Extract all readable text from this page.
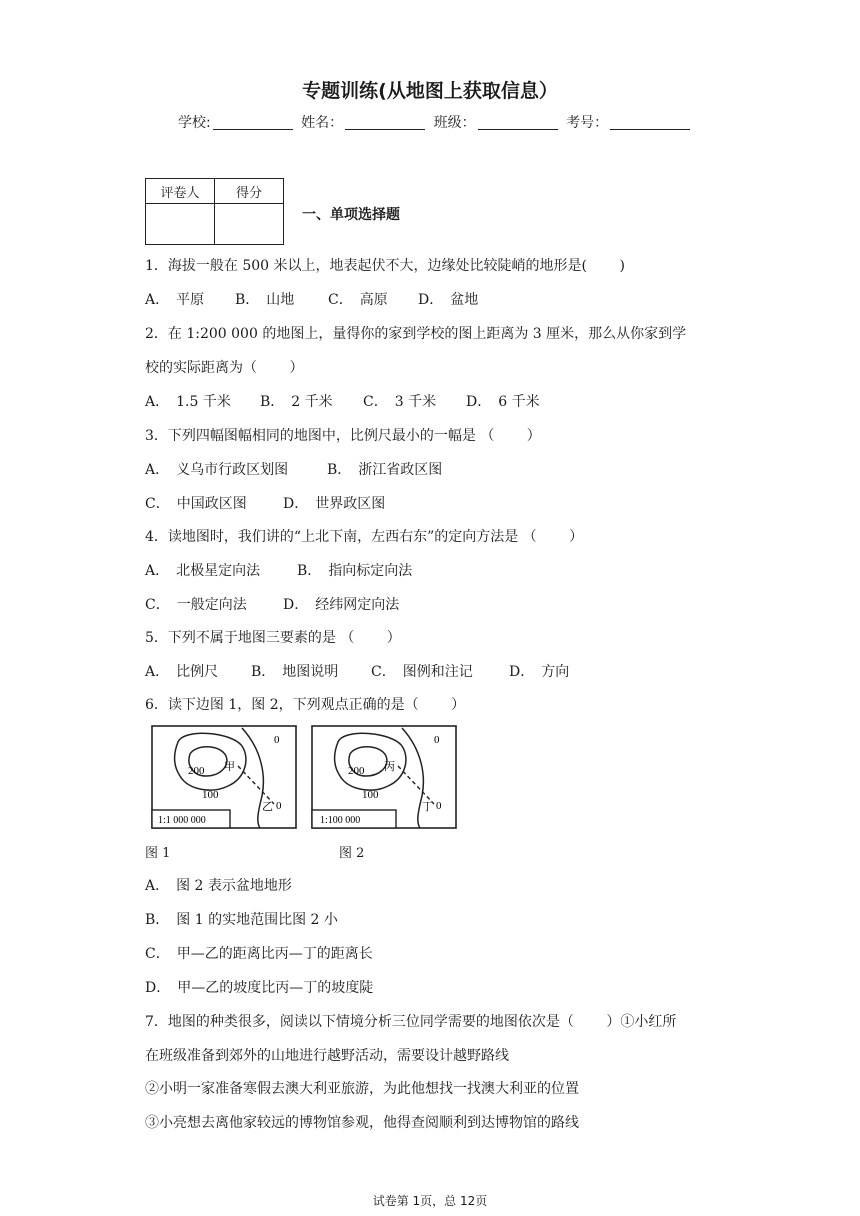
专题训练(从地图上获取信息）
学校:	姓名：	班级：	考号：
评卷人	得分

一、单项选择题
1．海拔一般在 500 米以上，地表起伏不大，边缘处比较陡峭的地形是(　　 )
A．　平原 B．　山地 C．　高原 D．　盆地
2．在 1:200 000 的地图上，量得你的家到学校的图上距离为 3 厘米，那么从你家到学
校的实际距离为（　　 ）
A．　1.5 千米 B．　2 千米 C．　3 千米 D．　6 千米
3．下列四幅图幅相同的地图中，比例尺最小的一幅是 （　　 ）
A．　义乌市行政区划图	B．　浙江省政区图
C．　中国政区图	D．　世界政区图
4．读地图时，我们讲的“上北下南，左西右东”的定向方法是 （　　 ）
A．　北极星定向法	B．　指向标定向法
C．　一般定向法	D．　经纬网定向法
5．下列不属于地图三要素的是 （　　 ）
A．　比例尺 B．　地图说明 C．　图例和注记	D．　方向
6．读下边图 1，图 2，下列观点正确的是（　　 ）
0
200 甲
100
乙 0
1:1 000 000
0
200 丙
100
丁 0
1:100 000
图 1	图 2
A．　图 2 表示盆地地形
B．　图 1 的实地范围比图 2 小
C．　甲—乙的距离比丙—丁的距离长
D．　甲—乙的坡度比丙—丁的坡度陡
7．地图的种类很多，阅读以下情境分析三位同学需要的地图依次是（　　 ）①小红所
在班级准备到郊外的山地进行越野活动，需要设计越野路线
②小明一家准备寒假去澳大利亚旅游，为此他想找一找澳大利亚的位置
③小亮想去离他家较远的博物馆参观，他得查阅顺利到达博物馆的路线
试卷第 1页，总 12页
